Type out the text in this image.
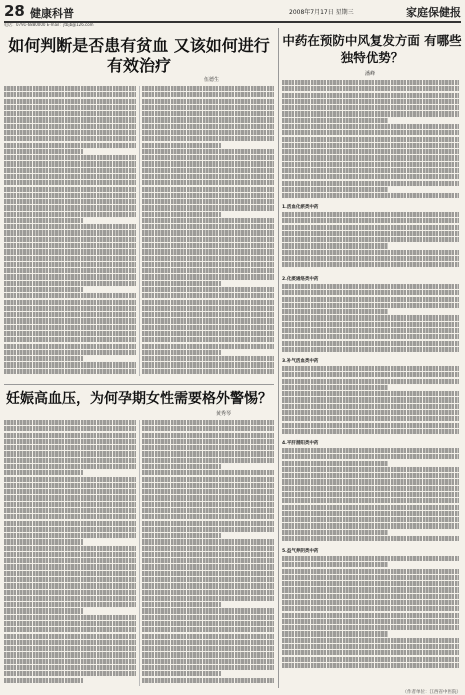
28 健康科普	2008年7月17日 星期三	家庭保健报
电话：0791-6880000 E-mail：jtbjb@126.com
如何判断是否患有贫血 又该如何进行有效治疗
伍德生
妊娠高血压，为何孕期女性需要格外警惕？
黄秀琴
中药在预防中风复发方面 有哪些独特优势？
潘峰
1.活血化瘀类中药
2.化痰通络类中药
3.补气活血类中药
4.平肝潜阳类中药
5.益气养阴类中药
（作者单位：江西省中医院）
